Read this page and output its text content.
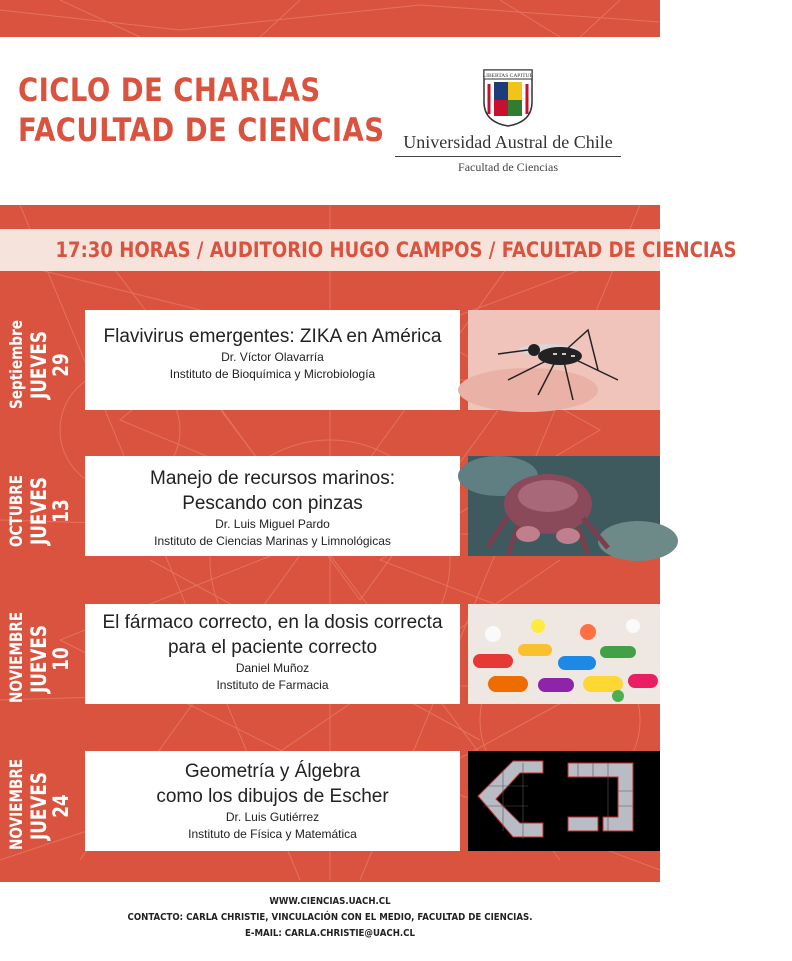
CICLO DE CHARLAS
FACULTAD DE CIENCIAS
LIBERTAS CAPITUR
Universidad Austral de Chile
Facultad de Ciencias
17:30 HORAS / AUDITORIO HUGO CAMPOS / FACULTAD DE CIENCIAS
Septiembre JUEVES 29
Flavivirus emergentes: ZIKA en América
Dr. Víctor Olavarría
Instituto de Bioquímica y Microbiología
OCTUBRE JUEVES 13
Manejo de recursos marinos:
Pescando con pinzas
Dr. Luis Miguel Pardo
Instituto de Ciencias Marinas y Limnológicas
NOVIEMBRE JUEVES 10
El fármaco correcto, en la dosis correcta
para el paciente correcto
Daniel Muñoz
Instituto de Farmacia
NOVIEMBRE JUEVES 24
Geometría y Álgebra
como los dibujos de Escher
Dr. Luis Gutiérrez
Instituto de Física y Matemática
WWW.CIENCIAS.UACH.CL
CONTACTO: CARLA CHRISTIE, VINCULACIÓN CON EL MEDIO, FACULTAD DE CIENCIAS.
E-MAIL: CARLA.CHRISTIE@UACH.CL
